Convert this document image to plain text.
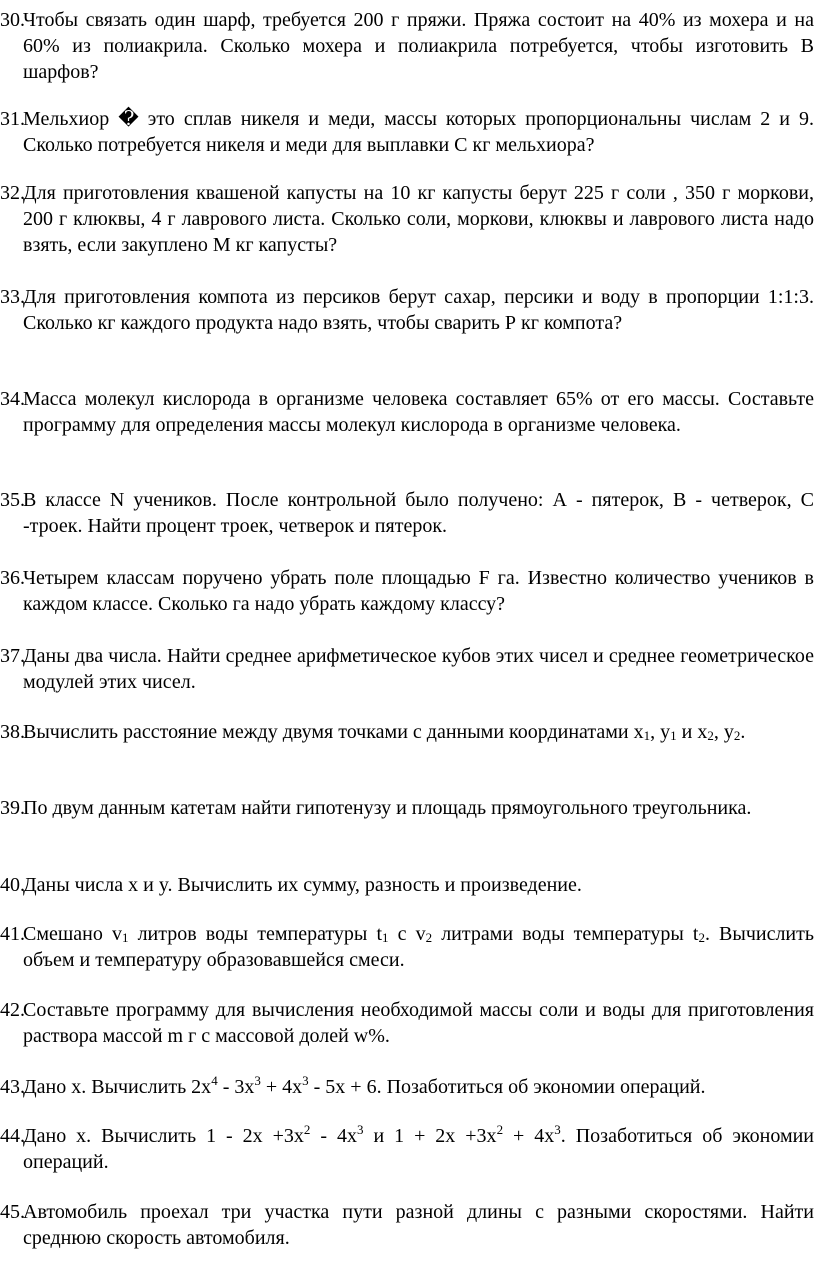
30.
Чтобы связать один шарф, требуется 200 г пряжи. Пряжа состоит на 40% из мохера и на 60% из полиакрила. Сколько мохера и полиакрила потребуется, чтобы изготовить В шарфов?
31.
Мельхиор � это сплав никеля и меди, массы которых пропорциональны числам 2 и 9. Сколько потребуется никеля и меди для выплавки С кг мельхиора?
32.
Для приготовления квашеной капусты на 10 кг капусты берут 225 г соли , 350 г моркови, 200 г клюквы, 4 г лаврового листа. Сколько соли, моркови, клюквы и лаврового листа надо взять, если закуплено М кг капусты?
33.
Для приготовления компота из персиков берут сахар, персики и воду в пропорции 1:1:3. Сколько кг каждого продукта надо взять, чтобы сварить Р кг компота?
34.
Масса молекул кислорода в организме человека составляет 65% от его массы. Составьте программу для определения массы молекул кислорода в организме человека.
35.
В классе N учеников. После контрольной было получено: А - пятерок, В - четверок, С -троек. Найти процент троек, четверок и пятерок.
36.
Четырем классам поручено убрать поле площадью F га. Известно количество учеников в каждом классе. Сколько га надо убрать каждому классу?
37.
Даны два числа. Найти среднее арифметическое кубов этих чисел и среднее геометрическое модулей этих чисел.
38.
Вычислить расстояние между двумя точками с данными координатами $x_1$, $y_1$ и $x_2$, $y_2$.
39.
По двум данным катетам найти гипотенузу и площадь прямоугольного треугольника.
40.
Даны числа x и y. Вычислить их сумму, разность и произведение.
41.
Смешано $v_1$ литров воды температуры $t_1$ с $v_2$ литрами воды температуры $t_2$. Вычислить объем и температуру образовавшейся смеси.
42.
Составьте программу для вычисления необходимой массы соли и воды для приготовления раствора массой m г с массовой долей w%.
43.
Дано x. Вычислить $2x^4 - 3x^3 + 4x^3 - 5x + 6$. Позаботиться об экономии операций.
44.
Дано x. Вычислить $1 - 2x +3x^2 - 4x^3$ и $1 + 2x +3x^2 + 4x^3$. Позаботиться об экономии операций.
45.
Автомобиль проехал три участка пути разной длины с разными скоростями. Найти среднюю скорость автомобиля.
